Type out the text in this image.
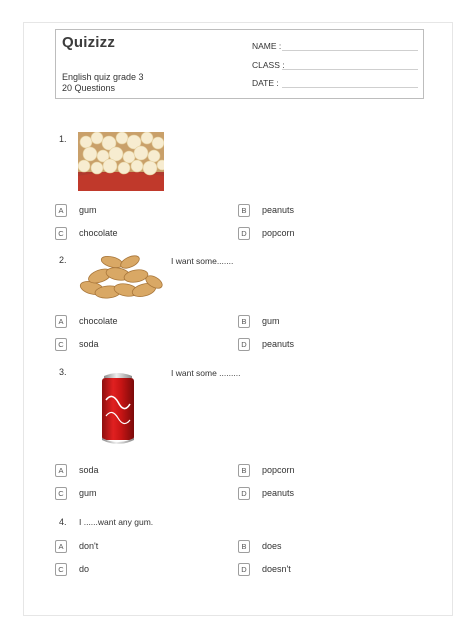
Quizizz
English quiz grade 3
20 Questions
NAME :
CLASS :
DATE :
1.
A	gum	B	peanuts
C	chocolate	D	popcorn
2.	I want some.......
A	chocolate	B	gum
C	soda	D	peanuts
3.	I want some .........
A	soda	B	popcorn
C	gum	D	peanuts
4. I ......want any gum.
A	don't	B	does
C	do	D	doesn't
